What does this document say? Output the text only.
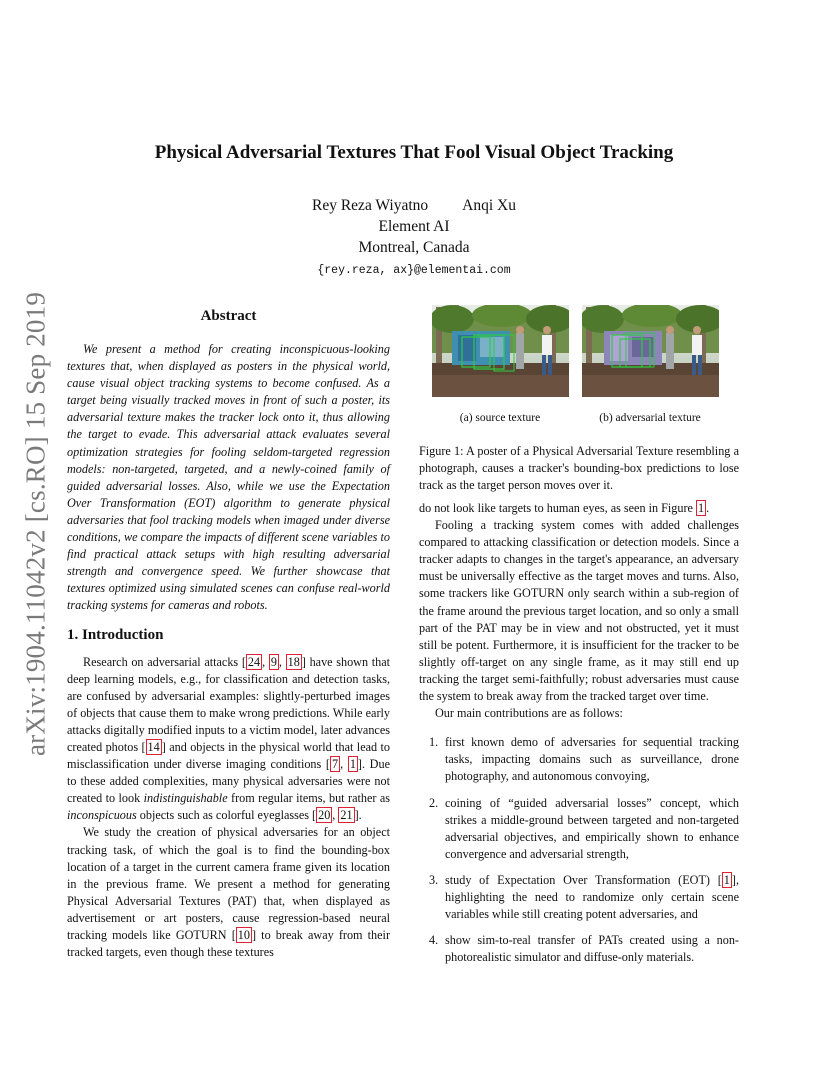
arXiv:1904.11042v2 [cs.RO] 15 Sep 2019
Physical Adversarial Textures That Fool Visual Object Tracking
Rey Reza Wiyatno Anqi Xu
Element AI
Montreal, Canada
{rey.reza, ax}@elementai.com
Abstract

We present a method for creating inconspicuous-looking textures that, when displayed as posters in the physical world, cause visual object tracking systems to become confused. As a target being visually tracked moves in front of such a poster, its adversarial texture makes the tracker lock onto it, thus allowing the target to evade. This adversarial attack evaluates several optimization strategies for fooling seldom-targeted regression models: non-targeted, targeted, and a newly-coined family of guided adversarial losses. Also, while we use the Expectation Over Transformation (EOT) algorithm to generate physical adversaries that fool tracking models when imaged under diverse conditions, we compare the impacts of different scene variables to find practical attack setups with high resulting adversarial strength and convergence speed. We further showcase that textures optimized using simulated scenes can confuse real-world tracking systems for cameras and robots.

1. Introduction

Research on adversarial attacks [ 24 , 9 , 18 ] have shown that deep learning models, e.g., for classification and detection tasks, are confused by adversarial examples: slightly-perturbed images of objects that cause them to make wrong predictions. While early attacks digitally modified inputs to a victim model, later advances created photos [ 14 ] and objects in the physical world that lead to misclassification under diverse imaging conditions [ 7 , 1 ]. Due to these added complexities, many physical adversaries were not created to look indistinguishable from regular items, but rather as inconspicuous objects such as colorful eyeglasses [ 20 , 21 ].

We study the creation of physical adversaries for an object tracking task, of which the goal is to find the bounding-box location of a target in the current camera frame given its location in the previous frame. We present a method for generating Physical Adversarial Textures (PAT) that, when displayed as advertisement or art posters, cause regression-based neural tracking models like GOTURN [ 10 ] to break away from their tracked targets, even though these textures

(a) source texture	(b) adversarial texture

Figure 1: A poster of a Physical Adversarial Texture resembling a photograph, causes a tracker's bounding-box predictions to lose track as the target person moves over it.

do not look like targets to human eyes, as seen in Figure 1 .

Fooling a tracking system comes with added challenges compared to attacking classification or detection models. Since a tracker adapts to changes in the target's appearance, an adversary must be universally effective as the target moves and turns. Also, some trackers like GOTURN only search within a sub-region of the frame around the previous target location, and so only a small part of the PAT may be in view and not obstructed, yet it must still be potent. Furthermore, it is insufficient for the tracker to be slightly off-target on any single frame, as it may still end up tracking the target semi-faithfully; robust adversaries must cause the system to break away from the tracked target over time.

Our main contributions are as follows:

1. first known demo of adversaries for sequential tracking tasks, impacting domains such as surveillance, drone photography, and autonomous convoying,
2. coining of “guided adversarial losses” concept, which strikes a middle-ground between targeted and non-targeted adversarial objectives, and empirically shown to enhance convergence and adversarial strength,
3. study of Expectation Over Transformation (EOT) [ 1 ], highlighting the need to randomize only certain scene variables while still creating potent adversaries, and
4. show sim-to-real transfer of PATs created using a non-photorealistic simulator and diffuse-only materials.
